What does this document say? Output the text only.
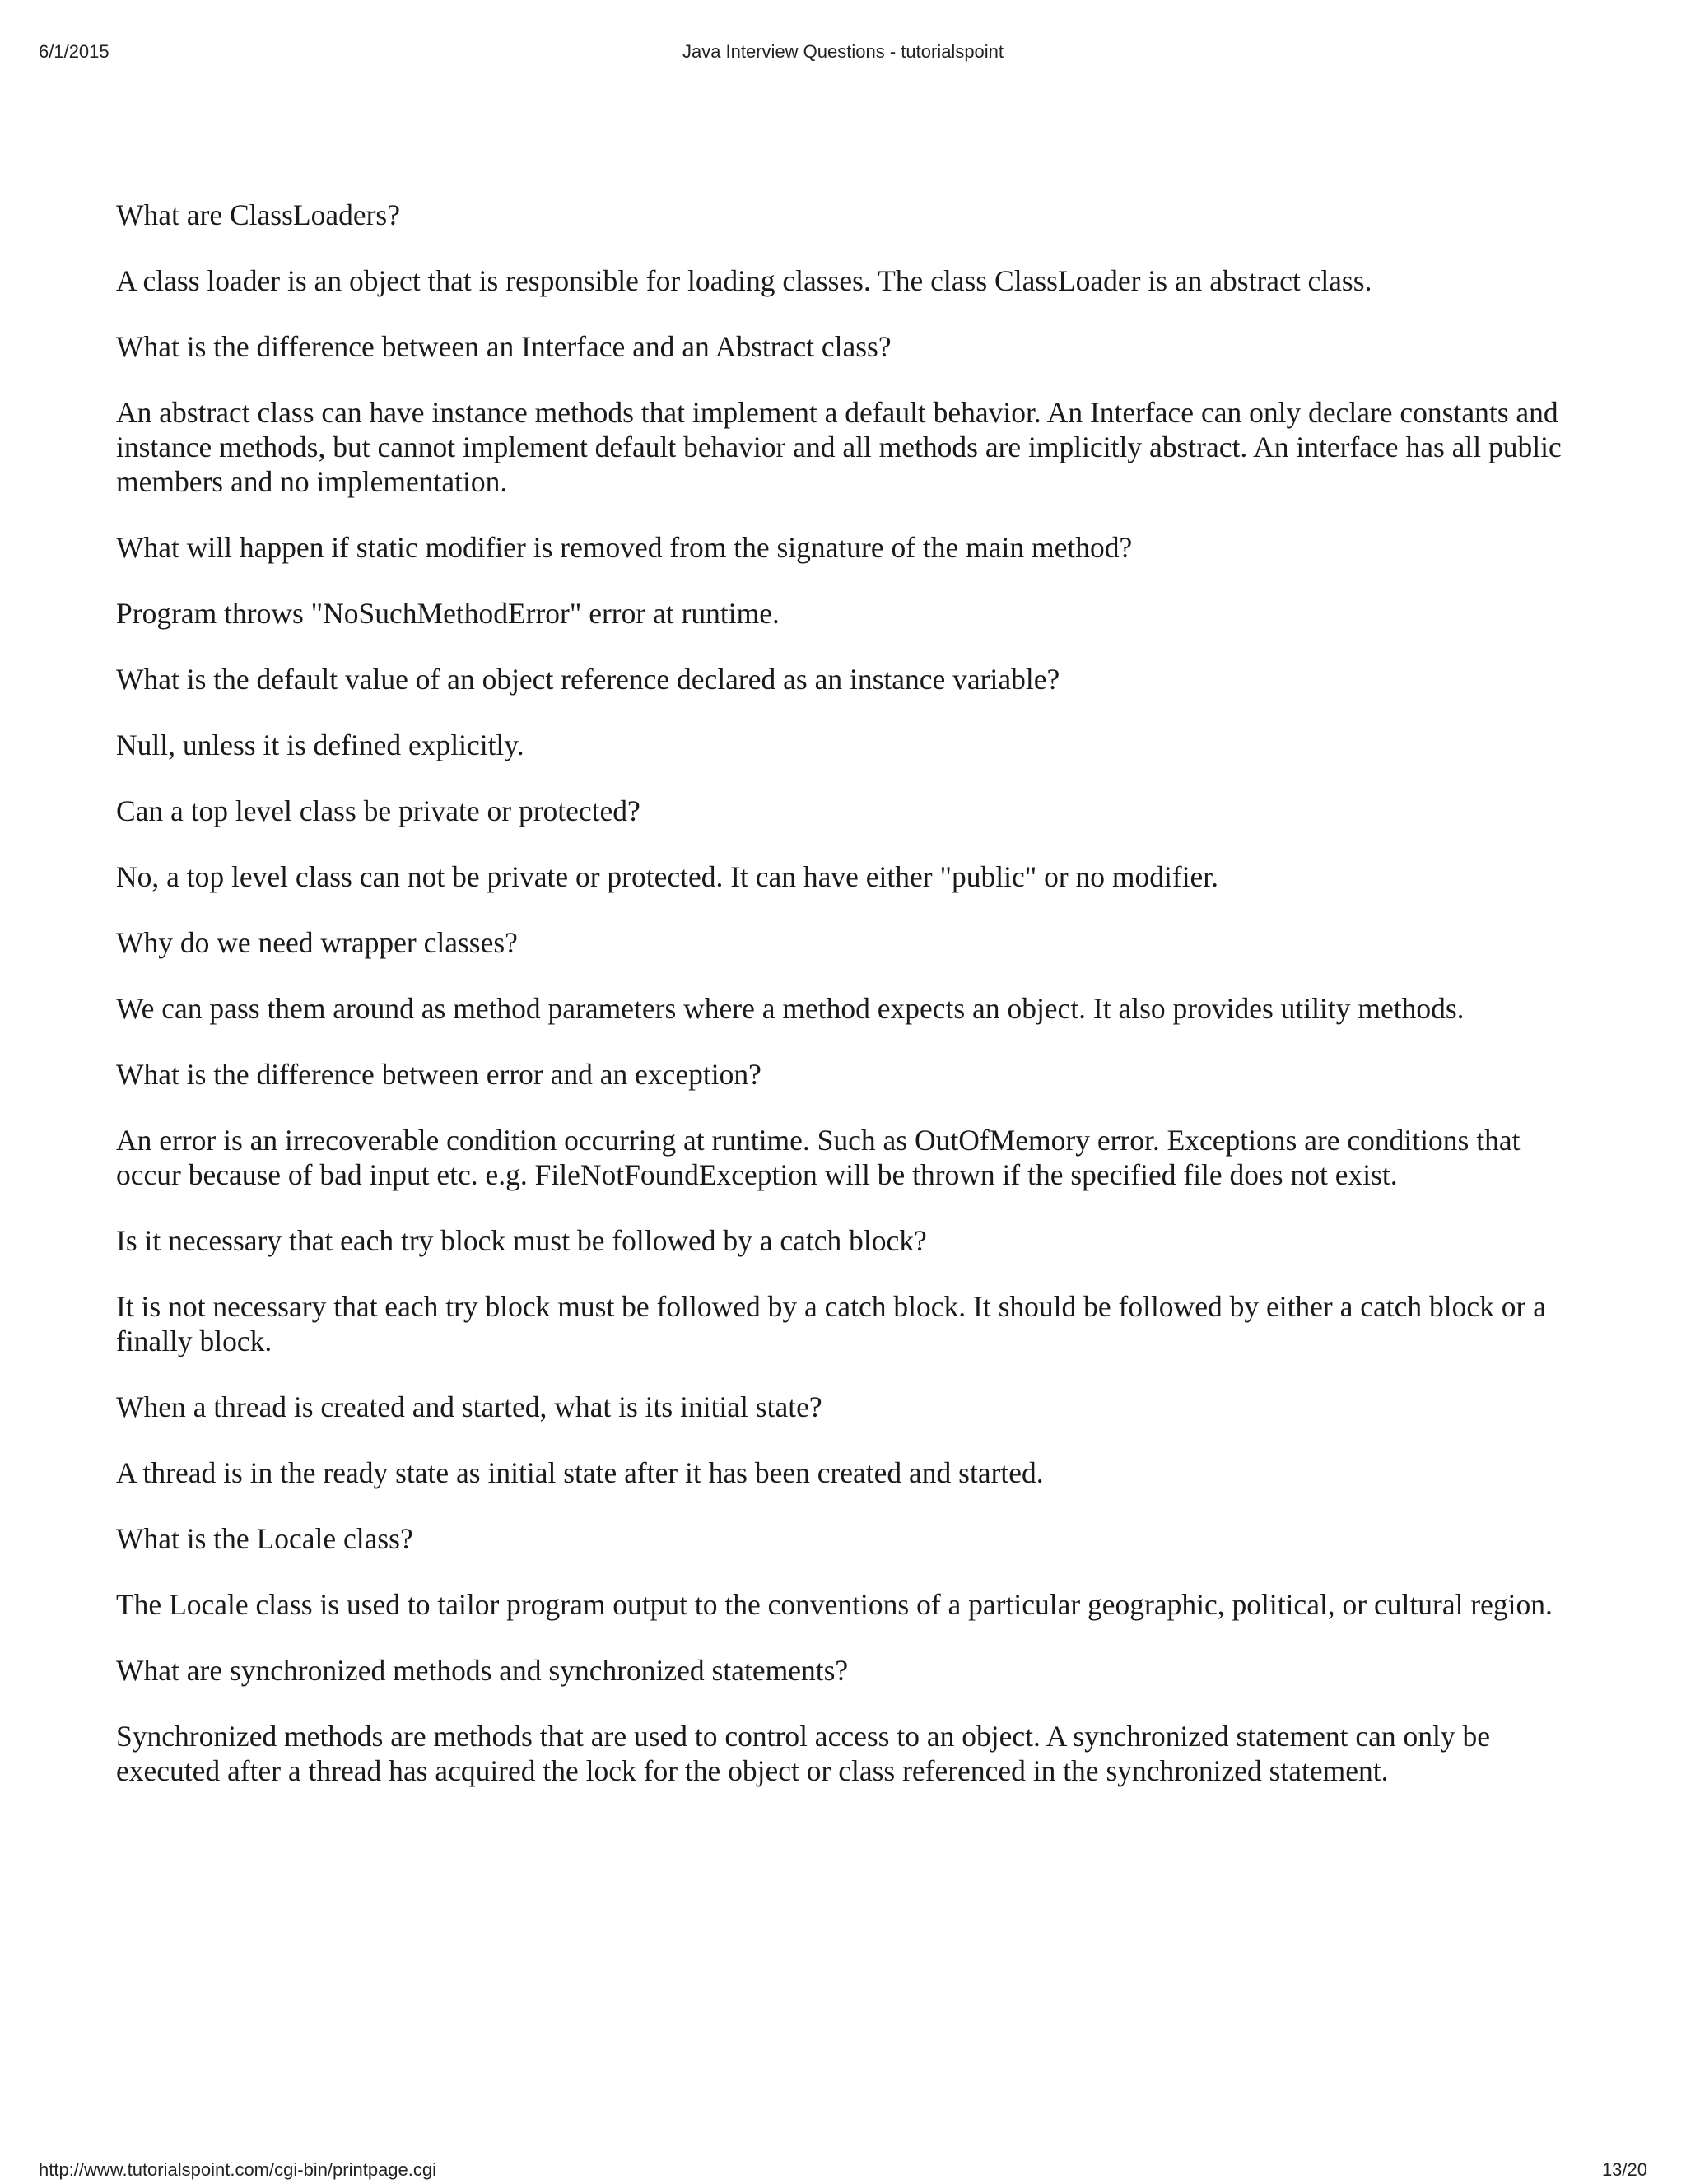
6/1/2015	Java Interview Questions - tutorialspoint

What are ClassLoaders?

A class loader is an object that is responsible for loading classes. The class ClassLoader is an abstract class.

What is the difference between an Interface and an Abstract class?

An abstract class can have instance methods that implement a default behavior. An Interface can only declare constants and instance methods, but cannot implement default behavior and all methods are implicitly abstract. An interface has all public members and no implementation.

What will happen if static modifier is removed from the signature of the main method?

Program throws "NoSuchMethodError" error at runtime.

What is the default value of an object reference declared as an instance variable?

Null, unless it is defined explicitly.

Can a top level class be private or protected?

No, a top level class can not be private or protected. It can have either "public" or no modifier.

Why do we need wrapper classes?

We can pass them around as method parameters where a method expects an object. It also provides utility methods.

What is the difference between error and an exception?

An error is an irrecoverable condition occurring at runtime. Such as OutOfMemory error. Exceptions are conditions that occur because of bad input etc. e.g. FileNotFoundException will be thrown if the specified file does not exist.

Is it necessary that each try block must be followed by a catch block?

It is not necessary that each try block must be followed by a catch block. It should be followed by either a catch block or a finally block.

When a thread is created and started, what is its initial state?

A thread is in the ready state as initial state after it has been created and started.

What is the Locale class?

The Locale class is used to tailor program output to the conventions of a particular geographic, political, or cultural region.

What are synchronized methods and synchronized statements?

Synchronized methods are methods that are used to control access to an object. A synchronized statement can only be executed after a thread has acquired the lock for the object or class referenced in the synchronized statement.

http://www.tutorialspoint.com/cgi-bin/printpage.cgi	13/20
